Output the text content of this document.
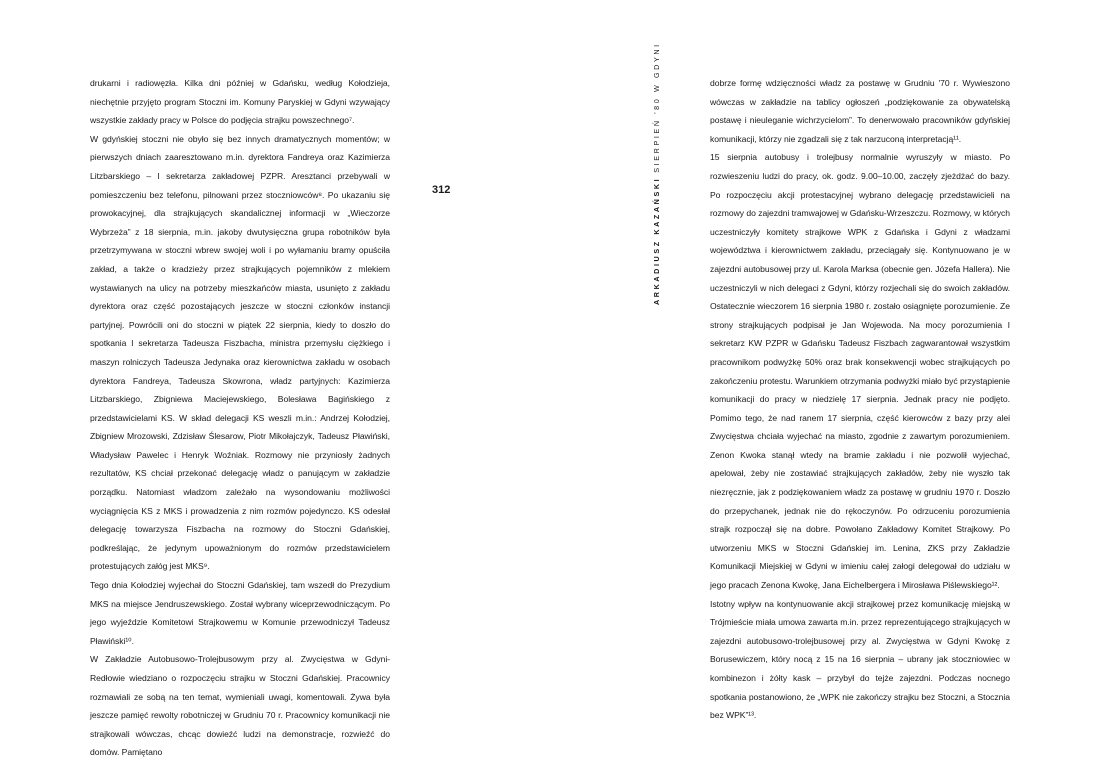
drukarni i radiowęzła. Kilka dni później w Gdańsku, według Kołodzieja, niechętnie przyjęto program Stoczni im. Komuny Paryskiej w Gdyni wzywający wszystkie zakłady pracy w Polsce do podjęcia strajku powszechnego⁷.

W gdyńskiej stoczni nie obyło się bez innych dramatycznych momentów; w pierwszych dniach zaaresztowano m.in. dyrektora Fandreya oraz Kazimierza Litzbarskiego – I sekretarza zakładowej PZPR. Aresztanci przebywali w pomieszczeniu bez telefonu, pilnowani przez stoczniowców⁸. Po ukazaniu się prowokacyjnej, dla strajkujących skandalicznej informacji w „Wieczorze Wybrzeża” z 18 sierpnia, m.in. jakoby dwutysięczna grupa robotników była przetrzymywana w stoczni wbrew swojej woli i po wyłamaniu bramy opuściła zakład, a także o kradzieży przez strajkujących pojemników z mlekiem wystawianych na ulicy na potrzeby mieszkańców miasta, usunięto z zakładu dyrektora oraz część pozostających jeszcze w stoczni członków instancji partyjnej. Powrócili oni do stoczni w piątek 22 sierpnia, kiedy to doszło do spotkania I sekretarza Tadeusza Fiszbacha, ministra przemysłu ciężkiego i maszyn rolniczych Tadeusza Jedynaka oraz kierownictwa zakładu w osobach dyrektora Fandreya, Tadeusza Skowrona, władz partyjnych: Kazimierza Litzbarskiego, Zbigniewa Maciejewskiego, Bolesława Bagińskiego z przedstawicielami KS. W skład delegacji KS weszli m.in.: Andrzej Kołodziej, Zbigniew Mrozowski, Zdzisław Ślesarow, Piotr Mikołajczyk, Tadeusz Pławiński, Władysław Pawelec i Henryk Woźniak. Rozmowy nie przyniosły żadnych rezultatów, KS chciał przekonać delegację władz o panującym w zakładzie porządku. Natomiast władzom zależało na wysondowaniu możliwości wyciągnięcia KS z MKS i prowadzenia z nim rozmów pojedynczo. KS odesłał delegację towarzysza Fiszbacha na rozmowy do Stoczni Gdańskiej, podkreślając, że jedynym upoważnionym do rozmów przedstawicielem protestujących załóg jest MKS⁹.

Tego dnia Kołodziej wyjechał do Stoczni Gdańskiej, tam wszedł do Prezydium MKS na miejsce Jendruszewskiego. Został wybrany wiceprzewodniczącym. Po jego wyjeździe Komitetowi Strajkowemu w Komunie przewodniczył Tadeusz Pławiński¹⁰.

W Zakładzie Autobusowo-Trolejbusowym przy al. Zwycięstwa w Gdyni-Redłowie wiedziano o rozpoczęciu strajku w Stoczni Gdańskiej. Pracownicy rozmawiali ze sobą na ten temat, wymieniali uwagi, komentowali. Żywa była jeszcze pamięć rewolty robotniczej w Grudniu 70 r. Pracownicy komunikacji nie strajkowali wówczas, chcąc dowieźć ludzi na demonstracje, rozwieźć do domów. Pamiętano

312	ARKADIUSZ KAZAŃSKISIERPIEŃ '80 W GDYNI	dobrze formę wdzięczności władz za postawę w Grudniu '70 r. Wywieszono wówczas w zakładzie na tablicy ogłoszeń „podziękowanie za obywatelską postawę i nieuleganie wichrzycielom”. To denerwowało pracowników gdyńskiej komunikacji, którzy nie zgadzali się z tak narzuconą interpretacją¹¹.

15 sierpnia autobusy i trolejbusy normalnie wyruszyły w miasto. Po rozwieszeniu ludzi do pracy, ok. godz. 9.00–10.00, zaczęły zjeżdżać do bazy. Po rozpoczęciu akcji protestacyjnej wybrano delegację przedstawicieli na rozmowy do zajezdni tramwajowej w Gdańsku-Wrzeszczu. Rozmowy, w których uczestniczyły komitety strajkowe WPK z Gdańska i Gdyni z władzami województwa i kierownictwem zakładu, przeciągały się. Kontynuowano je w zajezdni autobusowej przy ul. Karola Marksa (obecnie gen. Józefa Hallera). Nie uczestniczyli w nich delegaci z Gdyni, którzy rozjechali się do swoich zakładów. Ostatecznie wieczorem 16 sierpnia 1980 r. zostało osiągnięte porozumienie. Ze strony strajkujących podpisał je Jan Wojewoda. Na mocy porozumienia I sekretarz KW PZPR w Gdańsku Tadeusz Fiszbach zagwarantował wszystkim pracownikom podwyżkę 50% oraz brak konsekwencji wobec strajkujących po zakończeniu protestu. Warunkiem otrzymania podwyżki miało być przystąpienie komunikacji do pracy w niedzielę 17 sierpnia. Jednak pracy nie podjęto. Pomimo tego, że nad ranem 17 sierpnia, część kierowców z bazy przy alei Zwycięstwa chciała wyjechać na miasto, zgodnie z zawartym porozumieniem. Zenon Kwoka stanął wtedy na bramie zakładu i nie pozwolił wyjechać, apelował, żeby nie zostawiać strajkujących zakładów, żeby nie wyszło tak niezręcznie, jak z podziękowaniem władz za postawę w grudniu 1970 r. Doszło do przepychanek, jednak nie do rękoczynów. Po odrzuceniu porozumienia strajk rozpoczął się na dobre. Powołano Zakładowy Komitet Strajkowy. Po utworzeniu MKS w Stoczni Gdańskiej im. Lenina, ZKS przy Zakładzie Komunikacji Miejskiej w Gdyni w imieniu całej załogi delegował do udziału w jego pracach Zenona Kwokę, Jana Eichelbergera i Mirosława Piślewskiego¹².

Istotny wpływ na kontynuowanie akcji strajkowej przez komunikację miejską w Trójmieście miała umowa zawarta m.in. przez reprezentującego strajkujących w zajezdni autobusowo-trolejbusowej przy al. Zwycięstwa w Gdyni Kwokę z Borusewiczem, który nocą z 15 na 16 sierpnia – ubrany jak stoczniowiec w kombinezon i żółty kask – przybył do tejże zajezdni. Podczas nocnego spotkania postanowiono, że „WPK nie zakończy strajku bez Stoczni, a Stocznia bez WPK”¹³.
